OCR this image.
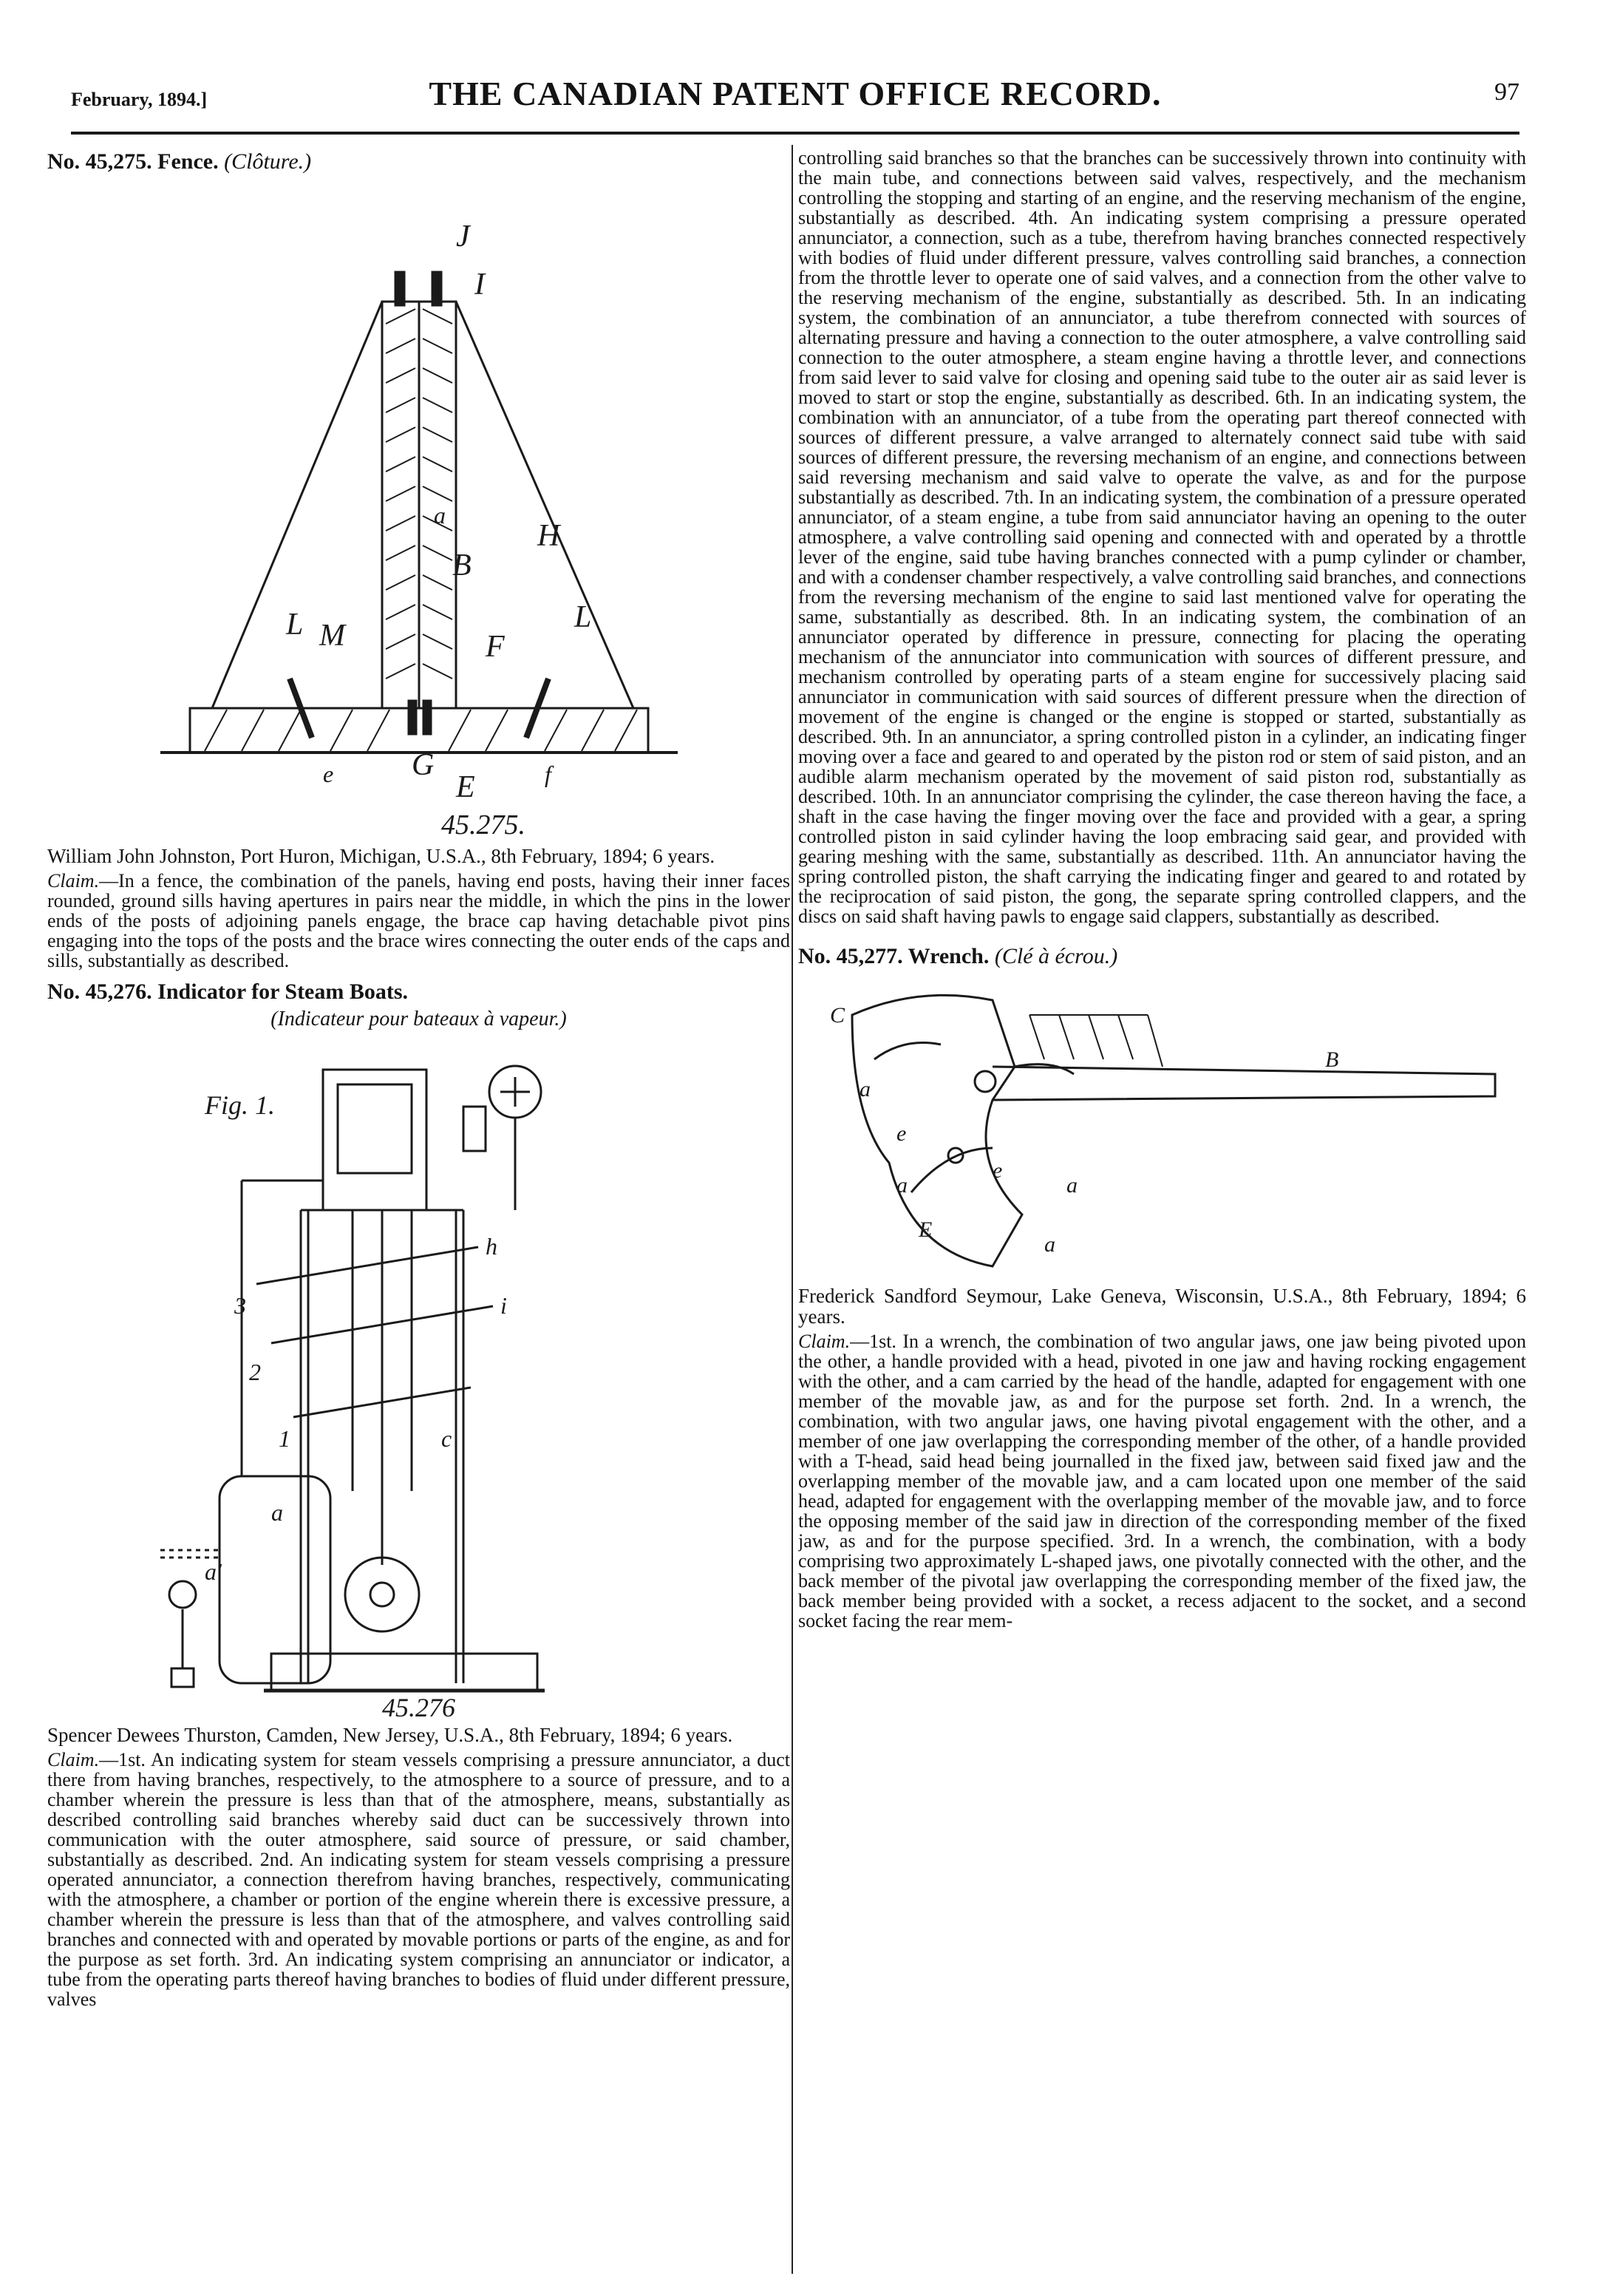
February, 1894.]	THE CANADIAN PATENT OFFICE RECORD.	97

No. 45,275. Fence. (Clôture.)

J
I
a
B
H
L M	F
L
e	G
E	f
45.275.

William John Johnston, Port Huron, Michigan, U.S.A., 8th February, 1894; 6 years.

Claim.—In a fence, the combination of the panels, having end posts, having their inner faces rounded, ground sills having apertures in pairs near the middle, in which the pins in the lower ends of the posts of adjoining panels engage, the brace cap having detachable pivot pins engaging into the tops of the posts and the brace wires connecting the outer ends of the caps and sills, substantially as described.

No. 45,276. Indicator for Steam Boats.

(Indicateur pour bateaux à vapeur.)

Fig. 1.
3
2
1
h
i
a
a'
c
45.276

Spencer Dewees Thurston, Camden, New Jersey, U.S.A., 8th February, 1894; 6 years.

Claim.—1st. An indicating system for steam vessels comprising a pressure annunciator, a duct there from having branches, respectively, to the atmosphere to a source of pressure, and to a chamber wherein the pressure is less than that of the atmosphere, means, substantially as described controlling said branches whereby said duct can be successively thrown into communication with the outer atmosphere, said source of pressure, or said chamber, substantially as described. 2nd. An indicating system for steam vessels comprising a pressure operated annunciator, a connection therefrom having branches, respectively, communicating with the atmosphere, a chamber or portion of the engine wherein there is excessive pressure, a chamber wherein the pressure is less than that of the atmosphere, and valves controlling said branches and connected with and operated by movable portions or parts of the engine, as and for the purpose as set forth. 3rd. An indicating system comprising an annunciator or indicator, a tube from the operating parts thereof having branches to bodies of fluid under different pressure, valves

controlling said branches so that the branches can be successively thrown into continuity with the main tube, and connections between said valves, respectively, and the mechanism controlling the stopping and starting of an engine, and the reserving mechanism of the engine, substantially as described. 4th. An indicating system comprising a pressure operated annunciator, a connection, such as a tube, therefrom having branches connected respectively with bodies of fluid under different pressure, valves controlling said branches, a connection from the throttle lever to operate one of said valves, and a connection from the other valve to the reserving mechanism of the engine, substantially as described. 5th. In an indicating system, the combination of an annunciator, a tube therefrom connected with sources of alternating pressure and having a connection to the outer atmosphere, a valve controlling said connection to the outer atmosphere, a steam engine having a throttle lever, and connections from said lever to said valve for closing and opening said tube to the outer air as said lever is moved to start or stop the engine, substantially as described. 6th. In an indicating system, the combination with an annunciator, of a tube from the operating part thereof connected with sources of different pressure, a valve arranged to alternately connect said tube with said sources of different pressure, the reversing mechanism of an engine, and connections between said reversing mechanism and said valve to operate the valve, as and for the purpose substantially as described. 7th. In an indicating system, the combination of a pressure operated annunciator, of a steam engine, a tube from said annunciator having an opening to the outer atmosphere, a valve controlling said opening and connected with and operated by a throttle lever of the engine, said tube having branches connected with a pump cylinder or chamber, and with a condenser chamber respectively, a valve controlling said branches, and connections from the reversing mechanism of the engine to said last mentioned valve for operating the same, substantially as described. 8th. In an indicating system, the combination of an annunciator operated by difference in pressure, connecting for placing the operating mechanism of the annunciator into communication with sources of different pressure, and mechanism controlled by operating parts of a steam engine for successively placing said annunciator in communication with said sources of different pressure when the direction of movement of the engine is changed or the engine is stopped or started, substantially as described. 9th. In an annunciator, a spring controlled piston in a cylinder, an indicating finger moving over a face and geared to and operated by the piston rod or stem of said piston, and an audible alarm mechanism operated by the movement of said piston rod, substantially as described. 10th. In an annunciator comprising the cylinder, the case thereon having the face, a shaft in the case having the finger moving over the face and provided with a gear, a spring controlled piston in said cylinder having the loop embracing said gear, and provided with gearing meshing with the same, substantially as described. 11th. An annunciator having the spring controlled piston, the shaft carrying the indicating finger and geared to and rotated by the reciprocation of said piston, the gong, the separate spring controlled clappers, and the discs on said shaft having pawls to engage said clappers, substantially as described.

No. 45,277. Wrench. (Clé à écrou.)

C
a
e
a
E
e
B
a
a

Frederick Sandford Seymour, Lake Geneva, Wisconsin, U.S.A., 8th February, 1894; 6 years.

Claim.—1st. In a wrench, the combination of two angular jaws, one jaw being pivoted upon the other, a handle provided with a head, pivoted in one jaw and having rocking engagement with the other, and a cam carried by the head of the handle, adapted for engagement with one member of the movable jaw, as and for the purpose set forth. 2nd. In a wrench, the combination, with two angular jaws, one having pivotal engagement with the other, and a member of one jaw overlapping the corresponding member of the other, of a handle provided with a T-head, said head being journalled in the fixed jaw, between said fixed jaw and the overlapping member of the movable jaw, and a cam located upon one member of the said head, adapted for engagement with the overlapping member of the movable jaw, and to force the opposing member of the said jaw in direction of the corresponding member of the fixed jaw, as and for the purpose specified. 3rd. In a wrench, the combination, with a body comprising two approximately L-shaped jaws, one pivotally connected with the other, and the back member of the pivotal jaw overlapping the corresponding member of the fixed jaw, the back member being provided with a socket, a recess adjacent to the socket, and a second socket facing the rear mem-
